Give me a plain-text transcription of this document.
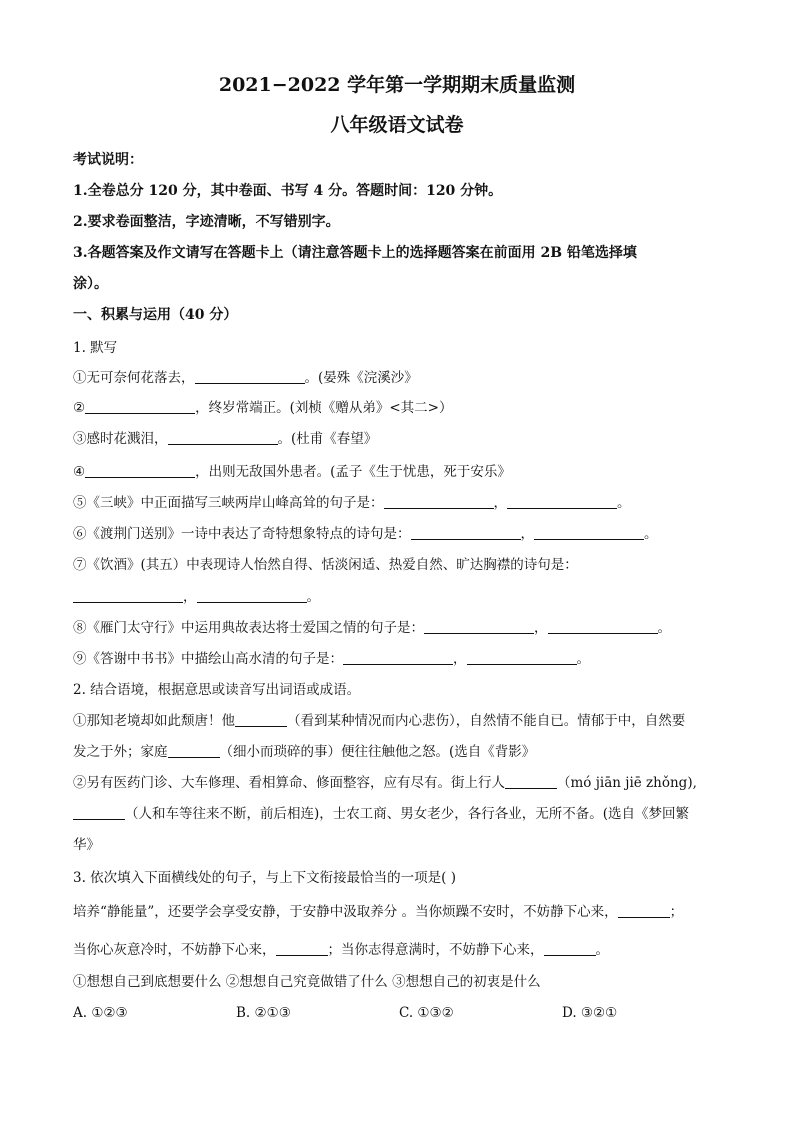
2021−2022 学年第一学期期末质量监测
八年级语文试卷
考试说明：
1.全卷总分 120 分，其中卷面、书写 4 分。答题时间：120 分钟。
2.要求卷面整洁，字迹清晰，不写错别字。
3.各题答案及作文请写在答题卡上（请注意答题卡上的选择题答案在前面用 2B 铅笔选择填
涂）。
一、积累与运用（40 分）
1. 默写
①无可奈何花落去，	。(晏殊《浣溪沙》
②	，终岁常端正。(刘桢《赠从弟》<其二>）
③感时花溅泪，	。(杜甫《春望》
④	，出则无敌国外患者。(孟子《生于忧患，死于安乐》
⑤《三峡》中正面描写三峡两岸山峰高耸的句子是：	，	。
⑥《渡荆门送别》一诗中表达了奇特想象特点的诗句是：	，	。
⑦《饮酒》(其五）中表现诗人怡然自得、恬淡闲适、热爱自然、旷达胸襟的诗句是：
，	。
⑧《雁门太守行》中运用典故表达将士爱国之情的句子是：	，	。
⑨《答谢中书书》中描绘山高水清的句子是：	，	。
2. 结合语境，根据意思或读音写出词语或成语。
①那知老境却如此颓唐！他	（看到某种情况而内心悲伤），自然情不能自已。情郁于中，自然要
发之于外；家庭	（细小而琐碎的事）便往往触他之怒。(选自《背影》
②另有医药门诊、大车修理、看相算命、修面整容，应有尽有。街上行人	（mó jiān jiē zhǒng),
（人和车等往来不断，前后相连)，士农工商、男女老少，各行各业，无所不备。(选自《梦回繁
华》
3. 依次填入下面横线处的句子，与上下文衔接最恰当的一项是( )
培养“静能量”，还要学会享受安静，于安静中汲取养分 。当你烦躁不安时，不妨静下心来，	；
当你心灰意冷时，不妨静下心来，	；当你志得意满时，不妨静下心来，	。
①想想自己到底想要什么 ②想想自己究竟做错了什么 ③想想自己的初衷是什么
A. ①②③	B. ②①③	C. ①③②	D. ③②①
